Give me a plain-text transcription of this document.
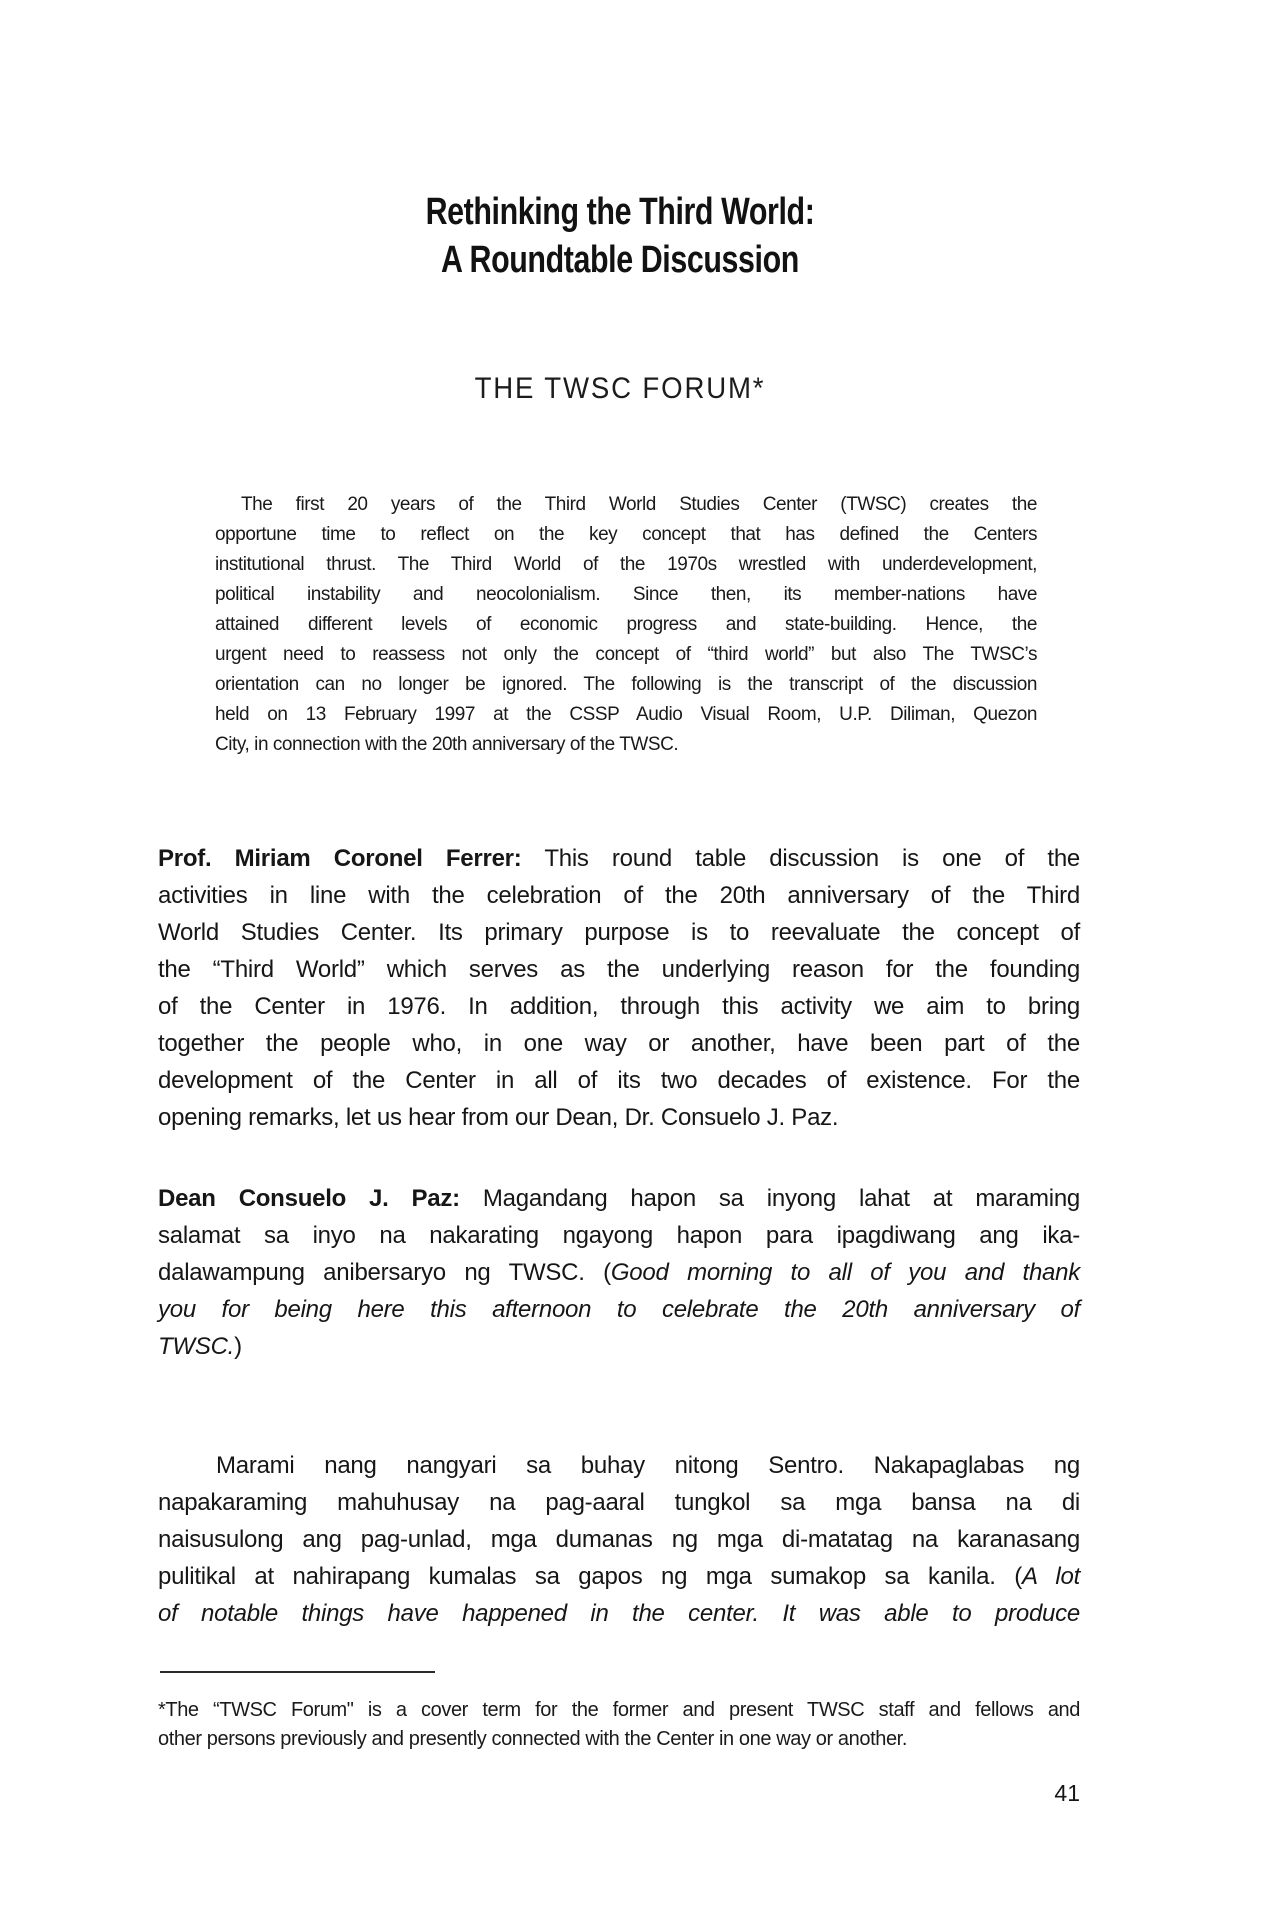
Rethinking the Third World:
A Roundtable Discussion
THE TWSC FORUM*
The first 20 years of the Third World Studies Center (TWSC) creates the
opportune time to reflect on the key concept that has defined the Centers
institutional thrust. The Third World of the 1970s wrestled with underdevelopment,
political instability and neocolonialism. Since then, its member-nations have
attained different levels of economic progress and state-building. Hence, the
urgent need to reassess not only the concept of “third world” but also The TWSC’s
orientation can no longer be ignored. The following is the transcript of the discussion
held on 13 February 1997 at the CSSP Audio Visual Room, U.P. Diliman, Quezon
City, in connection with the 20th anniversary of the TWSC.
Prof. Miriam Coronel Ferrer: This round table discussion is one of the
activities in line with the celebration of the 20th anniversary of the Third
World Studies Center. Its primary purpose is to reevaluate the concept of
the “Third World” which serves as the underlying reason for the founding
of the Center in 1976. In addition, through this activity we aim to bring
together the people who, in one way or another, have been part of the
development of the Center in all of its two decades of existence. For the
opening remarks, let us hear from our Dean, Dr. Consuelo J. Paz.
Dean Consuelo J. Paz: Magandang hapon sa inyong lahat at maraming
salamat sa inyo na nakarating ngayong hapon para ipagdiwang ang ika-
dalawampung anibersaryo ng TWSC. (Good morning to all of you and thank
you for being here this afternoon to celebrate the 20th anniversary of
TWSC.)
Marami nang nangyari sa buhay nitong Sentro. Nakapaglabas ng
napakaraming mahuhusay na pag-aaral tungkol sa mga bansa na di
naisusulong ang pag-unlad, mga dumanas ng mga di-matatag na karanasang
pulitikal at nahirapang kumalas sa gapos ng mga sumakop sa kanila. (A lot
of notable things have happened in the center. It was able to produce
*The “TWSC Forum" is a cover term for the former and present TWSC staff and fellows and
other persons previously and presently connected with the Center in one way or another.
41
